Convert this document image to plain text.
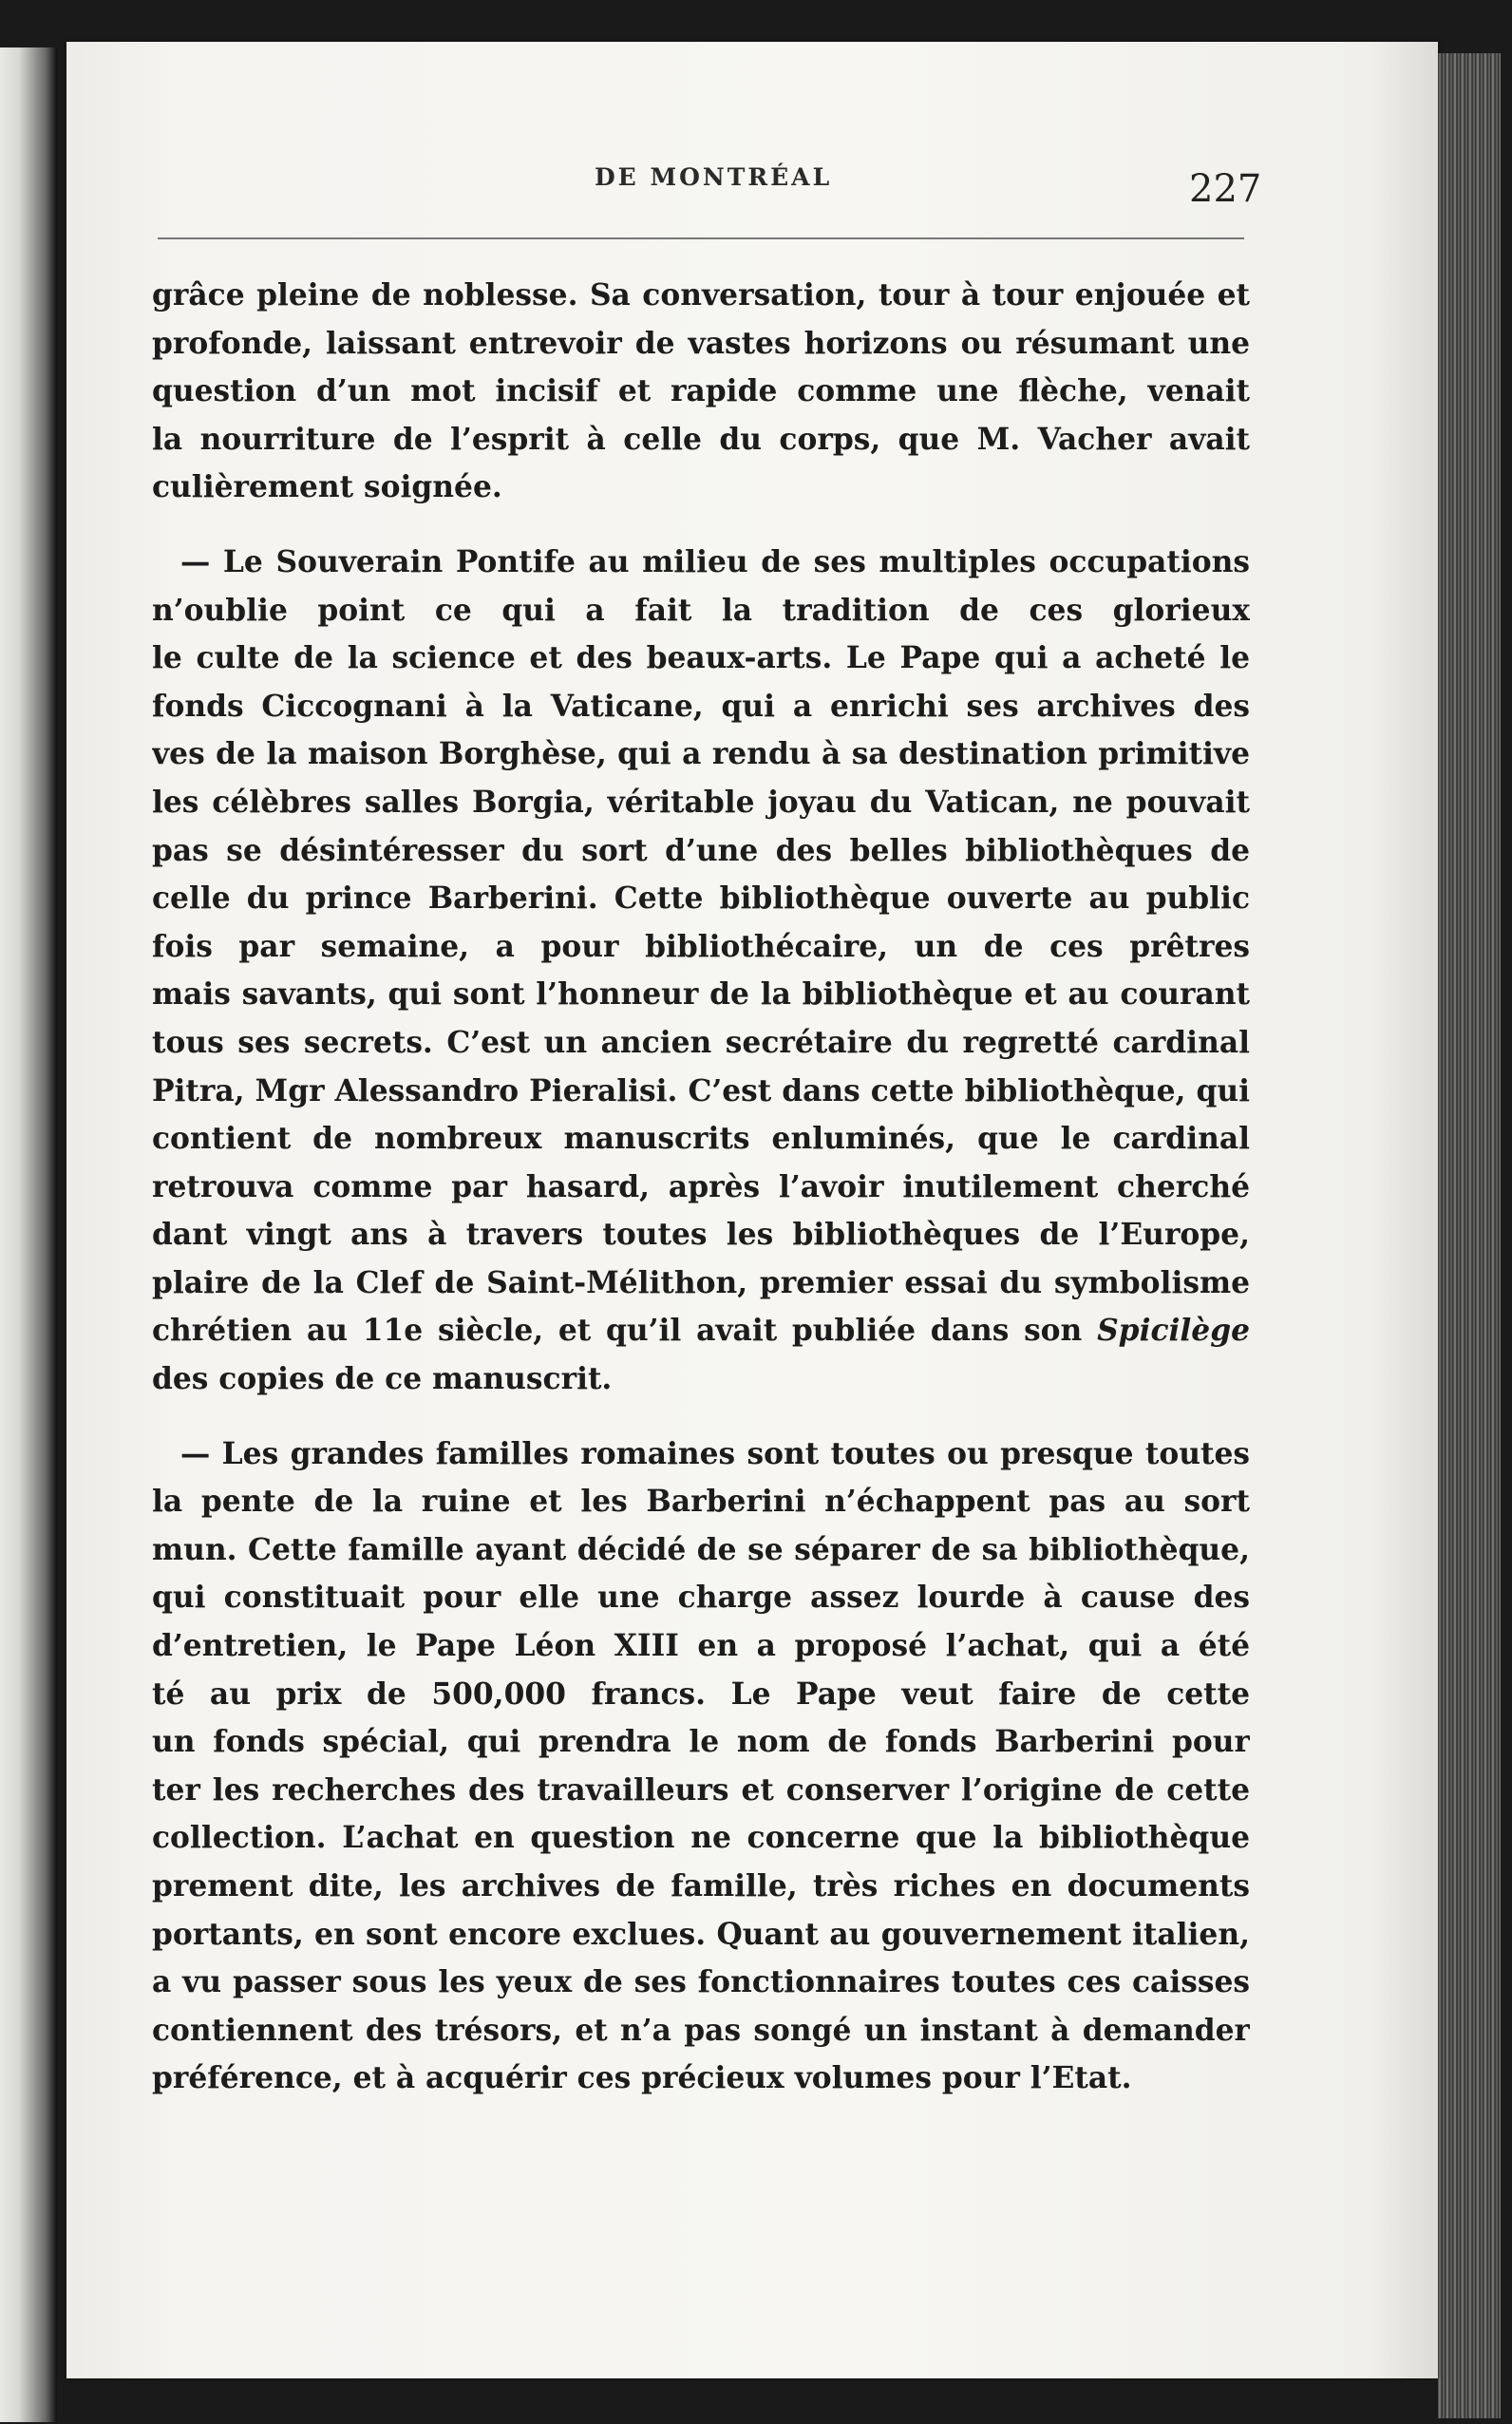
DE MONTRÉAL	227
grâce pleine de noblesse. Sa conversation, tour à tour enjouée et
profonde, laissant entrevoir de vastes horizons ou résumant une
question d’un mot incisif et rapide comme une flèche, venait
la nourriture de l’esprit à celle du corps, que M. Vacher avait
culièrement soignée.
— Le Souverain Pontife au milieu de ses multiples occupations
n’oublie point ce qui a fait la tradition de ces glorieux
le culte de la science et des beaux-arts. Le Pape qui a acheté le
fonds Ciccognani à la Vaticane, qui a enrichi ses archives des
ves de la maison Borghèse, qui a rendu à sa destination primitive
les célèbres salles Borgia, véritable joyau du Vatican, ne pouvait
pas se désintéresser du sort d’une des belles bibliothèques de
celle du prince Barberini. Cette bibliothèque ouverte au public
fois par semaine, a pour bibliothécaire, un de ces prêtres
mais savants, qui sont l’honneur de la bibliothèque et au courant
tous ses secrets. C’est un ancien secrétaire du regretté cardinal
Pitra, Mgr Alessandro Pieralisi. C’est dans cette bibliothèque, qui
contient de nombreux manuscrits enluminés, que le cardinal
retrouva comme par hasard, après l’avoir inutilement cherché
dant vingt ans à travers toutes les bibliothèques de l’Europe,
plaire de la Clef de Saint-Mélithon, premier essai du symbolisme
chrétien au 11e siècle, et qu’il avait publiée dans son Spicilège
des copies de ce manuscrit.
— Les grandes familles romaines sont toutes ou presque toutes
la pente de la ruine et les Barberini n’échappent pas au sort
mun. Cette famille ayant décidé de se séparer de sa bibliothèque,
qui constituait pour elle une charge assez lourde à cause des
d’entretien, le Pape Léon XIII en a proposé l’achat, qui a été
té au prix de 500,000 francs. Le Pape veut faire de cette
un fonds spécial, qui prendra le nom de fonds Barberini pour
ter les recherches des travailleurs et conserver l’origine de cette
collection. L’achat en question ne concerne que la bibliothèque
prement dite, les archives de famille, très riches en documents
portants, en sont encore exclues. Quant au gouvernement italien,
a vu passer sous les yeux de ses fonctionnaires toutes ces caisses
contiennent des trésors, et n’a pas songé un instant à demander
préférence, et à acquérir ces précieux volumes pour l’Etat.
